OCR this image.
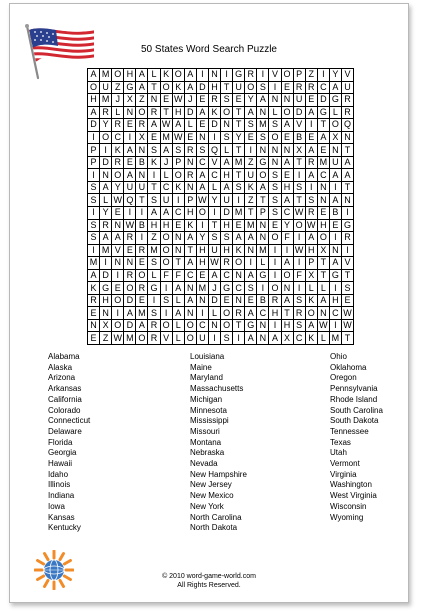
50 States Word Search Puzzle
A	M	O	H	A	L	K	O	A	I	N	I	G	R	I	V	O	P	Z	I	Y	V
O	U	Z	G	A	T	O	K	A	D	H	T	U	O	S	I	E	R	R	C	A	U
H	M	J	X	Z	N	E	W	J	E	R	S	E	Y	A	N	N	U	E	D	G	R
A	R	L	N	O	R	T	H	D	A	K	O	T	A	N	L	O	D	A	G	L	R
D	Y	R	E	R	A	W	A	L	E	D	N	T	S	M	S	A	V	I	T	O	Q
I	O	C	I	X	E	M	W	E	N	I	S	Y	E	S	O	E	B	E	A	X	N
P	I	K	A	N	S	A	S	R	S	Q	L	T	I	N	N	N	X	A	E	N	T
P	D	R	E	B	K	J	P	N	C	V	A	M	Z	G	N	A	T	R	M	U	A
I	N	O	A	N	I	L	O	R	A	C	H	T	U	O	S	E	I	A	C	A	A
S	A	Y	U	U	T	C	K	N	A	L	A	S	K	A	S	H	S	I	N	I	T
S	L	W	Q	T	S	U	I	P	W	Y	U	I	Z	T	S	A	T	S	N	A	N
I	Y	E	I	I	A	A	C	H	O	I	D	M	T	P	S	C	W	R	E	B	I
S	R	N	W	B	H	H	E	K	I	T	H	E	M	N	E	Y	O	W	H	E	G
S	A	A	R	I	Z	O	N	A	Y	S	S	A	A	N	O	F	I	A	O	I	R
I	M	V	E	R	M	O	N	T	H	U	H	K	N	M	I	I	W	H	X	N	I
M	I	N	N	E	S	O	T	A	H	W	R	O	I	L	I	A	I	P	T	A	V
A	D	I	R	O	L	F	F	C	E	A	C	N	A	G	I	O	F	X	T	G	T
K	G	E	O	R	G	I	A	N	M	J	G	C	S	I	O	N	I	L	L	I	S
R	H	O	D	E	I	S	L	A	N	D	E	N	E	B	R	A	S	K	A	H	E
E	N	I	A	M	S	I	A	N	I	L	O	R	A	C	H	T	R	O	N	C	W
N	X	O	D	A	R	O	L	O	C	N	O	T	G	N	I	H	S	A	W	I	W
E	Z	W	M	O	R	V	L	O	U	I	S	I	A	N	A	X	C	K	L	M	T
Alabama
Alaska
Arizona
Arkansas
California
Colorado
Connecticut
Delaware
Florida
Georgia
Hawaii
Idaho
Illinois
Indiana
Iowa
Kansas
Kentucky
Louisiana
Maine
Maryland
Massachusetts
Michigan
Minnesota
Mississippi
Missouri
Montana
Nebraska
Nevada
New Hampshire
New Jersey
New Mexico
New York
North Carolina
North Dakota
Ohio
Oklahoma
Oregon
Pennsylvania
Rhode Island
South Carolina
South Dakota
Tennessee
Texas
Utah
Vermont
Virginia
Washington
West Virginia
Wisconsin
Wyoming
© 2010 word-game-world.com
All Rights Reserved.
